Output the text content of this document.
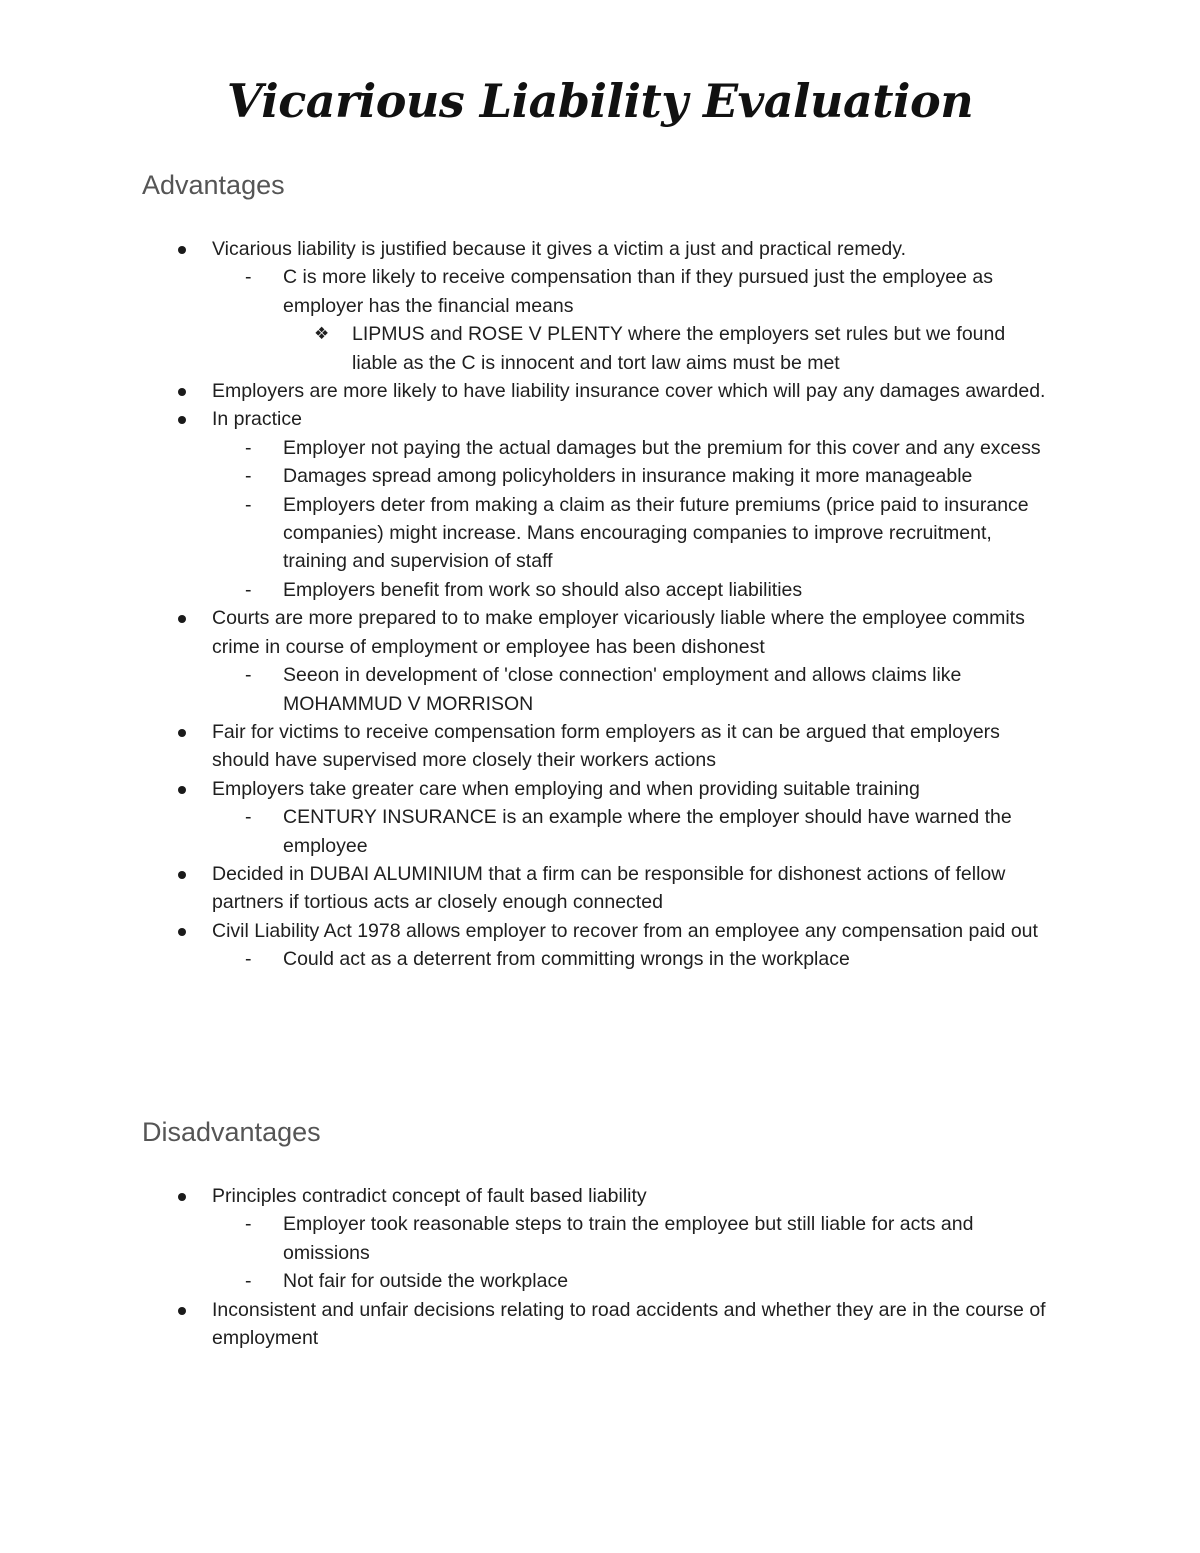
Vicarious Liability Evaluation
Advantages
Vicarious liability is justified because it gives a victim a just and practical remedy.
- C is more likely to receive compensation than if they pursued just the employee as employer has the financial means
❖ LIPMUS and ROSE V PLENTY where the employers set rules but we found liable as the C is innocent and tort law aims must be met
Employers are more likely to have liability insurance cover which will pay any damages awarded.
In practice
- Employer not paying the actual damages but the premium for this cover and any excess
- Damages spread among policyholders in insurance making it more manageable
- Employers deter from making a claim as their future premiums (price paid to insurance companies) might increase. Mans encouraging companies to improve recruitment, training and supervision of staff
- Employers benefit from work so should also accept liabilities
Courts are more prepared to to make employer vicariously liable where the employee commits crime in course of employment or employee has been dishonest
- Seeon in development of 'close connection' employment and allows claims like MOHAMMUD V MORRISON
Fair for victims to receive compensation form employers as it can be argued that employers should have supervised more closely their workers actions
Employers take greater care when employing and when providing suitable training
- CENTURY INSURANCE is an example where the employer should have warned the employee
Decided in DUBAI ALUMINIUM that a firm can be responsible for dishonest actions of fellow partners if tortious acts ar closely enough connected
Civil Liability Act 1978 allows employer to recover from an employee any compensation paid out
- Could act as a deterrent from committing wrongs in the workplace
Disadvantages
Principles contradict concept of fault based liability
- Employer took reasonable steps to train the employee but still liable for acts and omissions
- Not fair for outside the workplace
Inconsistent and unfair decisions relating to road accidents and whether they are in the course of employment
